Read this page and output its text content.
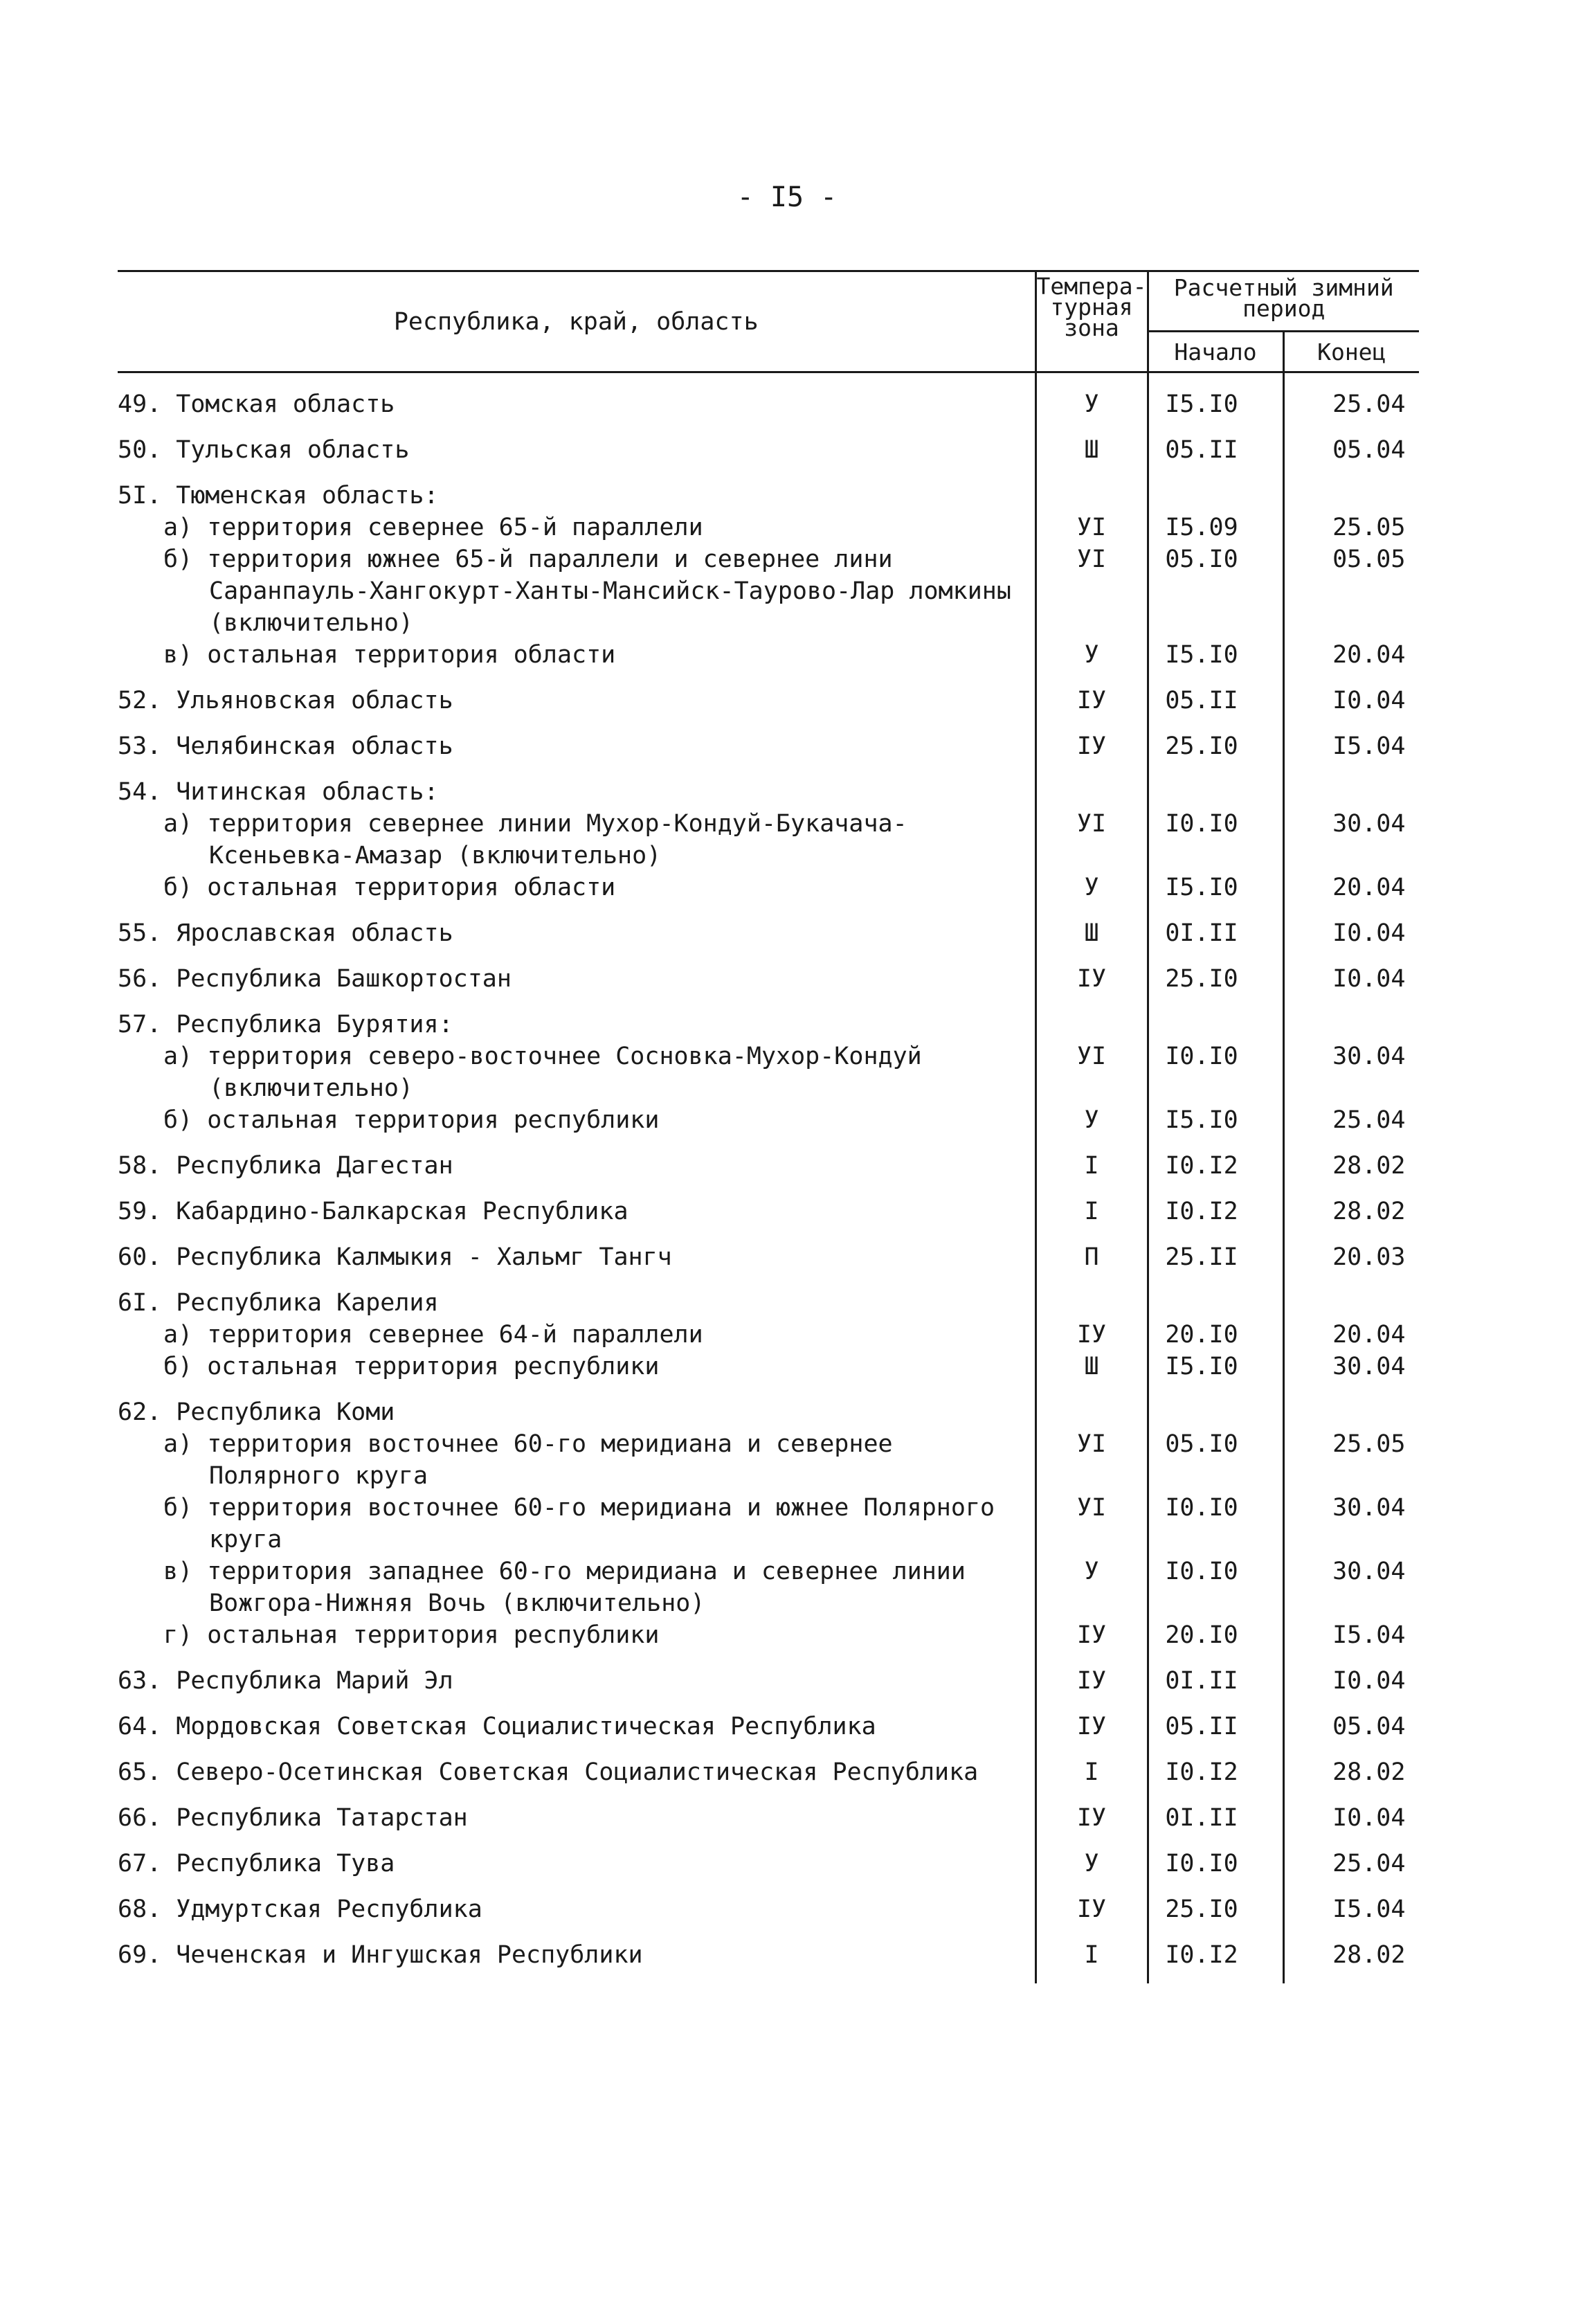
- I5 -
Республика, край, область	Темпера-
турная
зона	Расчетный зимний период	
		Начало	Конец
49. Томская область	У	I5.I0	25.04
50. Тульская область	Ш	05.II	05.04
5I. Тюменская область:			

а) территория севернее 65-й параллели	УI	I5.09	25.05

б) территория южнее 65-й параллели и севернее лини Саранпауль-Хангокурт-Ханты-Мансийск-Таурово-Лар ломкины (включительно)	УI	05.I0	05.05

в) остальная территория области	У	I5.I0	20.04
52. Ульяновская область	IУ	05.II	I0.04
53. Челябинская область	IУ	25.I0	I5.04
54. Читинская область:			

а) территория севернее линии Мухор-Кондуй-Букачача-Ксеньевка-Амазар (включительно)	УI	I0.I0	30.04

б) остальная территория области	У	I5.I0	20.04
55. Ярославская область	Ш	0I.II	I0.04
56. Республика Башкортостан	IУ	25.I0	I0.04
57. Республика Бурятия:			

а) территория северо-восточнее Сосновка-Мухор-Кондуй (включительно)	УI	I0.I0	30.04

б) остальная территория республики	У	I5.I0	25.04
58. Республика Дагестан	I	I0.I2	28.02
59. Кабардино-Балкарская Республика	I	I0.I2	28.02
60. Республика Калмыкия - Хальмг Тангч	П	25.II	20.03
6I. Республика Карелия			

а) территория севернее 64-й параллели	IУ	20.I0	20.04

б) остальная территория республики	Ш	I5.I0	30.04
62. Республика Коми			

а) территория восточнее 60-го меридиана и севернее Полярного круга	УI	05.I0	25.05

б) территория восточнее 60-го меридиана и южнее Полярного круга	УI	I0.I0	30.04

в) территория западнее 60-го меридиана и севернее линии Вожгора-Нижняя Вочь (включительно)	У	I0.I0	30.04

г) остальная территория республики	IУ	20.I0	I5.04
63. Республика Марий Эл	IУ	0I.II	I0.04
64. Мордовская Советская Социалистическая Республика	IУ	05.II	05.04
65. Северо-Осетинская Советская Социалистическая Республика	I	I0.I2	28.02
66. Республика Татарстан	IУ	0I.II	I0.04
67. Республика Тува	У	I0.I0	25.04
68. Удмуртская Республика	IУ	25.I0	I5.04
69. Чеченская и Ингушская Республики	I	I0.I2	28.02
